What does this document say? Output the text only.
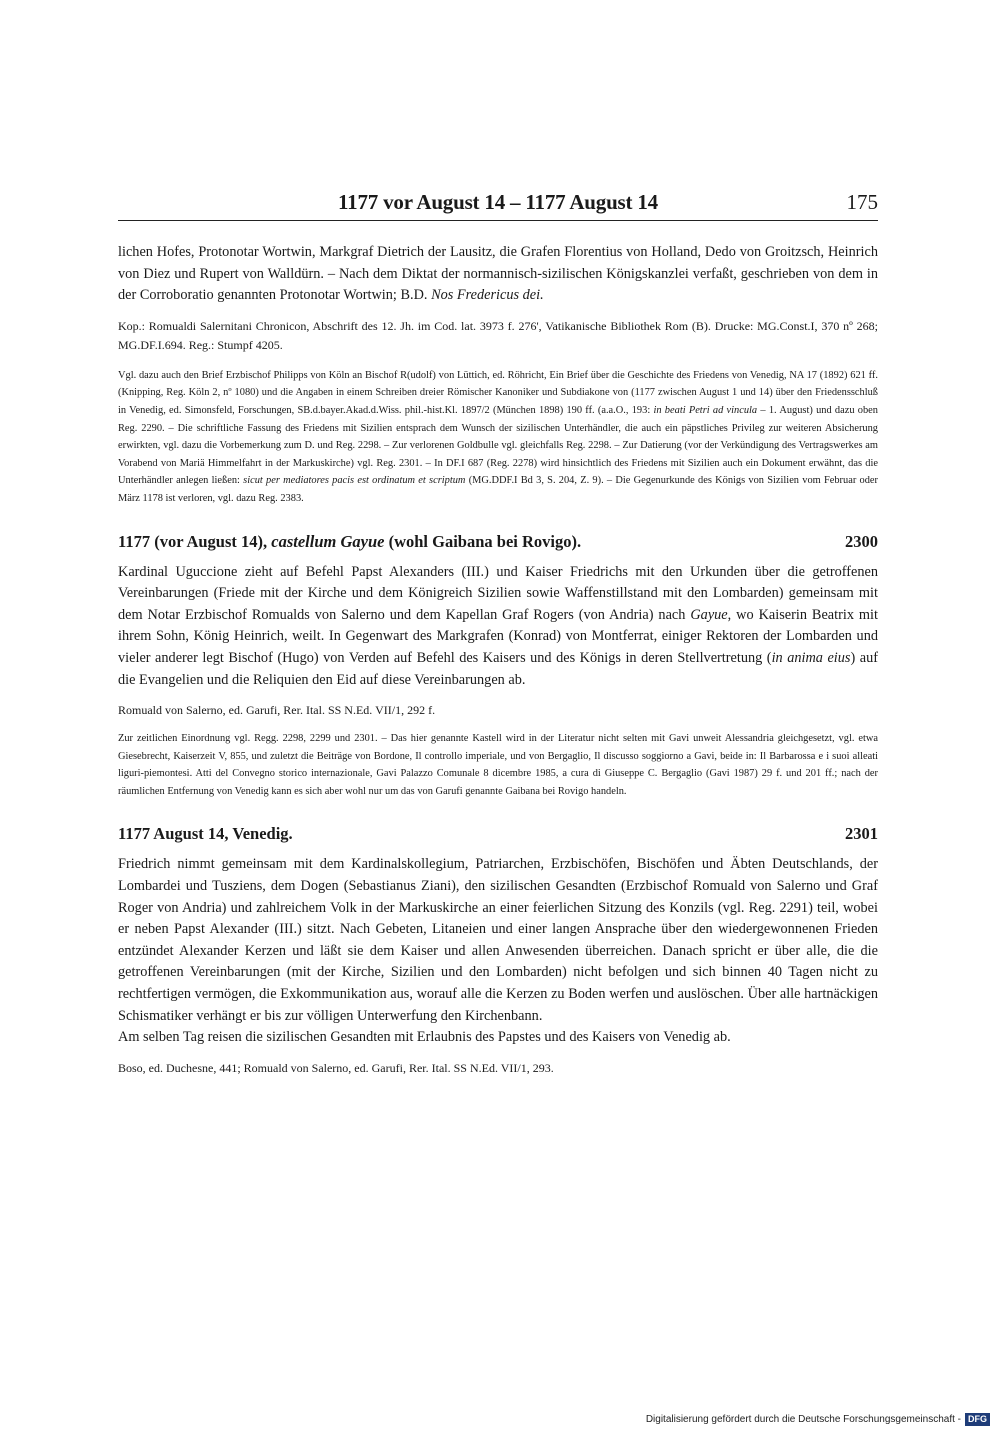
1177 vor August 14 – 1177 August 14	175

lichen Hofes, Protonotar Wortwin, Markgraf Dietrich der Lausitz, die Grafen Florentius von Holland, Dedo von Groitzsch, Heinrich von Diez und Rupert von Walldürn. – Nach dem Diktat der normannisch-sizilischen Königskanzlei verfaßt, geschrieben von dem in der Corroboratio genannten Protonotar Wortwin; B.D. Nos Fredericus dei.

Kop.: Romualdi Salernitani Chronicon, Abschrift des 12. Jh. im Cod. lat. 3973 f. 276', Vatikanische Bibliothek Rom (B). Drucke: MG.Const.I, 370 nº 268; MG.DF.I.694. Reg.: Stumpf 4205.

Vgl. dazu auch den Brief Erzbischof Philipps von Köln an Bischof R(udolf) von Lüttich, ed. Röhricht, Ein Brief über die Geschichte des Friedens von Venedig, NA 17 (1892) 621 ff. (Knipping, Reg. Köln 2, nº 1080) und die Angaben in einem Schreiben dreier Römischer Kanoniker und Subdiakone von (1177 zwischen August 1 und 14) über den Friedensschluß in Venedig, ed. Simonsfeld, Forschungen, SB.d.bayer.Akad.d.Wiss. phil.-hist.Kl. 1897/2 (München 1898) 190 ff. (a.a.O., 193: in beati Petri ad vincula – 1. August) und dazu oben Reg. 2290. – Die schriftliche Fassung des Friedens mit Sizilien entsprach dem Wunsch der sizilischen Unterhändler, die auch ein päpstliches Privileg zur weiteren Absicherung erwirkten, vgl. dazu die Vorbemerkung zum D. und Reg. 2298. – Zur verlorenen Goldbulle vgl. gleichfalls Reg. 2298. – Zur Datierung (vor der Verkündigung des Vertragswerkes am Vorabend von Mariä Himmelfahrt in der Markuskirche) vgl. Reg. 2301. – In DF.I 687 (Reg. 2278) wird hinsichtlich des Friedens mit Sizilien auch ein Dokument erwähnt, das die Unterhändler anlegen ließen: sicut per mediatores pacis est ordinatum et scriptum (MG.DDF.I Bd 3, S. 204, Z. 9). – Die Gegenurkunde des Königs von Sizilien vom Februar oder März 1178 ist verloren, vgl. dazu Reg. 2383.

1177 (vor August 14), castellum Gayue (wohl Gaibana bei Rovigo).	2300

Kardinal Uguccione zieht auf Befehl Papst Alexanders (III.) und Kaiser Friedrichs mit den Urkunden über die getroffenen Vereinbarungen (Friede mit der Kirche und dem Königreich Sizilien sowie Waffenstillstand mit den Lombarden) gemeinsam mit dem Notar Erzbischof Romualds von Salerno und dem Kapellan Graf Rogers (von Andria) nach Gayue, wo Kaiserin Beatrix mit ihrem Sohn, König Heinrich, weilt. In Gegenwart des Markgrafen (Konrad) von Montferrat, einiger Rektoren der Lombarden und vieler anderer legt Bischof (Hugo) von Verden auf Befehl des Kaisers und des Königs in deren Stellvertretung (in anima eius) auf die Evangelien und die Reliquien den Eid auf diese Vereinbarungen ab.

Romuald von Salerno, ed. Garufi, Rer. Ital. SS N.Ed. VII/1, 292 f.

Zur zeitlichen Einordnung vgl. Regg. 2298, 2299 und 2301. – Das hier genannte Kastell wird in der Literatur nicht selten mit Gavi unweit Alessandria gleichgesetzt, vgl. etwa Giesebrecht, Kaiserzeit V, 855, und zuletzt die Beiträge von Bordone, Il controllo imperiale, und von Bergaglio, Il discusso soggiorno a Gavi, beide in: Il Barbarossa e i suoi alleati liguri-piemontesi. Atti del Convegno storico internazionale, Gavi Palazzo Comunale 8 dicembre 1985, a cura di Giuseppe C. Bergaglio (Gavi 1987) 29 f. und 201 ff.; nach der räumlichen Entfernung von Venedig kann es sich aber wohl nur um das von Garufi genannte Gaibana bei Rovigo handeln.

1177 August 14, Venedig.	2301

Friedrich nimmt gemeinsam mit dem Kardinalskollegium, Patriarchen, Erzbischöfen, Bischöfen und Äbten Deutschlands, der Lombardei und Tusziens, dem Dogen (Sebastianus Ziani), den sizilischen Gesandten (Erzbischof Romuald von Salerno und Graf Roger von Andria) und zahlreichem Volk in der Markuskirche an einer feierlichen Sitzung des Konzils (vgl. Reg. 2291) teil, wobei er neben Papst Alexander (III.) sitzt. Nach Gebeten, Litaneien und einer langen Ansprache über den wiedergewonnenen Frieden entzündet Alexander Kerzen und läßt sie dem Kaiser und allen Anwesenden überreichen. Danach spricht er über alle, die die getroffenen Vereinbarungen (mit der Kirche, Sizilien und den Lombarden) nicht befolgen und sich binnen 40 Tagen nicht zu rechtfertigen vermögen, die Exkommunikation aus, worauf alle die Kerzen zu Boden werfen und auslöschen. Über alle hartnäckigen Schismatiker verhängt er bis zur völligen Unterwerfung den Kirchenbann.

Am selben Tag reisen die sizilischen Gesandten mit Erlaubnis des Papstes und des Kaisers von Venedig ab.

Boso, ed. Duchesne, 441; Romuald von Salerno, ed. Garufi, Rer. Ital. SS N.Ed. VII/1, 293.

Digitalisierung gefördert durch die Deutsche Forschungsgemeinschaft - DFG
